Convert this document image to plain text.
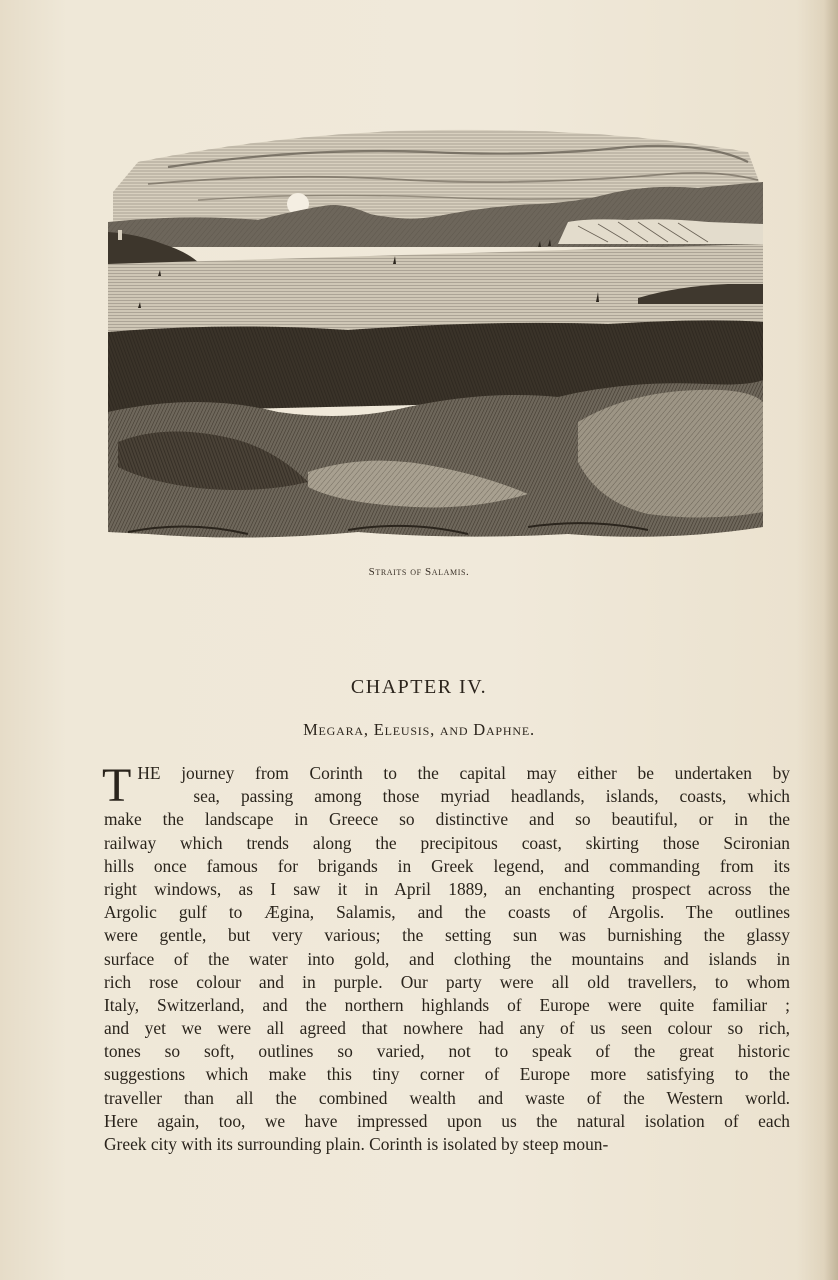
Straits of Salamis.
CHAPTER IV.
Megara, Eleusis, and Daphne.
T HE journey from Corinth to the capital may either be undertaken by
sea, passing among those myriad headlands, islands, coasts, which
make the landscape in Greece so distinctive and so beautiful, or in the
railway which trends along the precipitous coast, skirting those Scironian
hills once famous for brigands in Greek legend, and commanding from its
right windows, as I saw it in April 1889, an enchanting prospect across the
Argolic gulf to Ægina, Salamis, and the coasts of Argolis. The outlines
were gentle, but very various; the setting sun was burnishing the glassy
surface of the water into gold, and clothing the mountains and islands in
rich rose colour and in purple. Our party were all old travellers, to whom
Italy, Switzerland, and the northern highlands of Europe were quite familiar ;
and yet we were all agreed that nowhere had any of us seen colour so rich,
tones so soft, outlines so varied, not to speak of the great historic
suggestions which make this tiny corner of Europe more satisfying to the
traveller than all the combined wealth and waste of the Western world.
Here again, too, we have impressed upon us the natural isolation of each
Greek city with its surrounding plain. Corinth is isolated by steep moun-
